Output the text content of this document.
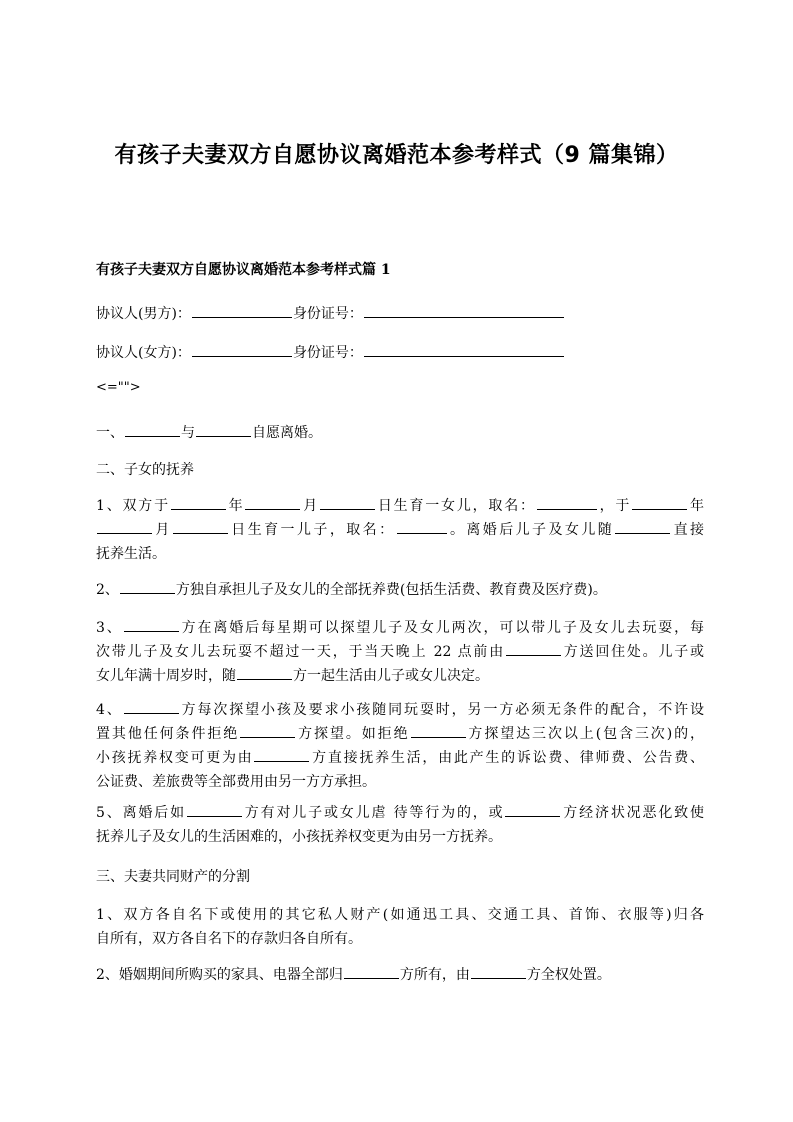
有孩子夫妻双方自愿协议离婚范本参考样式（9 篇集锦）
有孩子夫妻双方自愿协议离婚范本参考样式篇 1
协议人(男方)：	身份证号：
协议人(女方)：	身份证号：
<="">
一、	与	自愿离婚。
二、子女的抚养
1、双方于	年	月	日生育一女儿，取名：	，于	年
月	日生育一儿子，取名：	。离婚后儿子及女儿随	直接
抚养生活。
2、	方独自承担儿子及女儿的全部抚养费(包括生活费、教育费及医疗费)。
3、	方在离婚后每星期可以探望儿子及女儿两次，可以带儿子及女儿去玩耍，每
次带儿子及女儿去玩耍不超过一天，于当天晚上 22 点前由	方送回住处。儿子或
女儿年满十周岁时，随	方一起生活由儿子或女儿决定。
4、	方每次探望小孩及要求小孩随同玩耍时，另一方必须无条件的配合，不许设
置其他任何条件拒绝	方探望。如拒绝	方探望达三次以上(包含三次)的，
小孩抚养权变可更为由	方直接抚养生活，由此产生的诉讼费、律师费、公告费、
公证费、差旅费等全部费用由另一方方承担。
5、离婚后如	方有对儿子或女儿虐 待等行为的，或	方经济状况恶化致使
抚养儿子及女儿的生活困难的，小孩抚养权变更为由另一方抚养。
三、夫妻共同财产的分割
1、双方各自名下或使用的其它私人财产(如通迅工具、交通工具、首饰、衣服等)归各
自所有，双方各自名下的存款归各自所有。
2、婚姻期间所购买的家具、电器全部归	方所有，由	方全权处置。
